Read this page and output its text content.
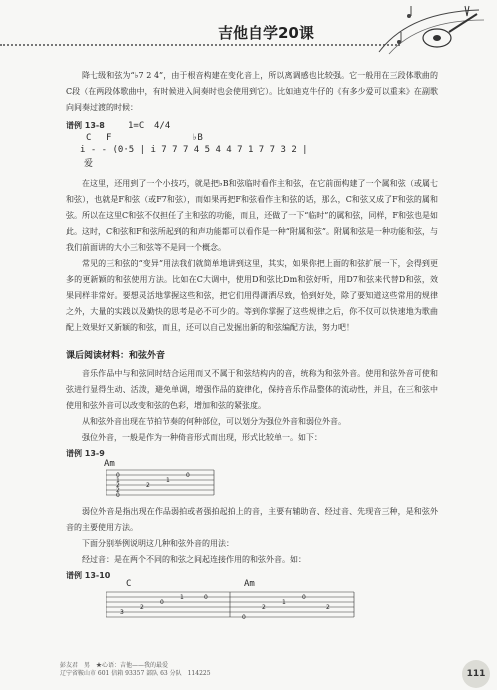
吉他自学20课

降七级和弦为“♭7 2 4”，由于根音构建在变化音上，所以离调感也比较强。它一般用在三段体歌曲的C段（在两段体歌曲中，有时候进入间奏时也会使用到它）。比如迪克牛仔的《有多少爱可以重来》在副歌向间奏过渡的时候：

谱例 13-8	1=C 4/4
C F	♭B
i - - (0·5 | i 7 7 7 4 5 4 4 7 1 7 7 3 2 |
爱

在这里，还用到了一个小技巧，就是把♭B和弦临时看作主和弦，在它前面构建了一个属和弦（或属七和弦），也就是F和弦（或F7和弦），而如果再把F和弦看作主和弦的话，那么，C和弦又成了F和弦的属和弦。所以在这里C和弦不仅担任了主和弦的功能，而且，还做了一下“临时”的属和弦，同样，F和弦也是如此。这时，C和弦和F和弦所起到的和声功能都可以看作是一种“附属和弦”。附属和弦是一种功能和弦，与我们前面讲的大小三和弦等不是同一个概念。

常见的三和弦的“变异”用法我们就简单地讲到这里，其实，如果你把上面的和弦扩展一下，会得到更多的更新颖的和弦使用方法。比如在C大调中，使用D和弦比Dm和弦好听，用D7和弦来代替D和弦，效果同样非常好。要想灵活地掌握这些和弦，把它们用得潇洒尽致，恰到好处，除了要知道这些常用的规律之外，大量的实践以及勤快的思考是必不可少的。等到你掌握了这些规律之后，你不仅可以快速地为歌曲配上效果好又新颖的和弦，而且，还可以自己发掘出新的和弦编配方法，努力吧！

课后阅读材料：和弦外音

音乐作品中与和弦同时结合运用而又不属于和弦结构内的音，统称为和弦外音。使用和弦外音可使和弦进行显得生动、活泼，避免单调，增强作品的旋律化，保持音乐作品整体的流动性，并且，在三和弦中使用和弦外音可以改变和弦的色彩，增加和弦的紧张度。

从和弦外音出现在节拍节奏的何种部位，可以划分为强位外音和弱位外音。

强位外音，一般是作为一种倚音形式而出现，形式比较单一。如下：

谱例 13-9
Am
0
1
2
2
0
2
1
0

弱位外音是指出现在作品弱拍或者强拍起拍上的音，主要有辅助音、经过音、先现音三种，是和弦外音的主要使用方法。

下面分别举例说明这几种和弦外音的用法：

经过音：是在两个不同的和弦之间起连接作用的和弦外音。如：

谱例 13-10
C	Am
3
2
0
1	0
0
2
1
0
2
彭友君　男　★心语：吉他——我的最爱
辽宁省鞍山市 601 信箱 93357 部队 63 分队　114225	111
